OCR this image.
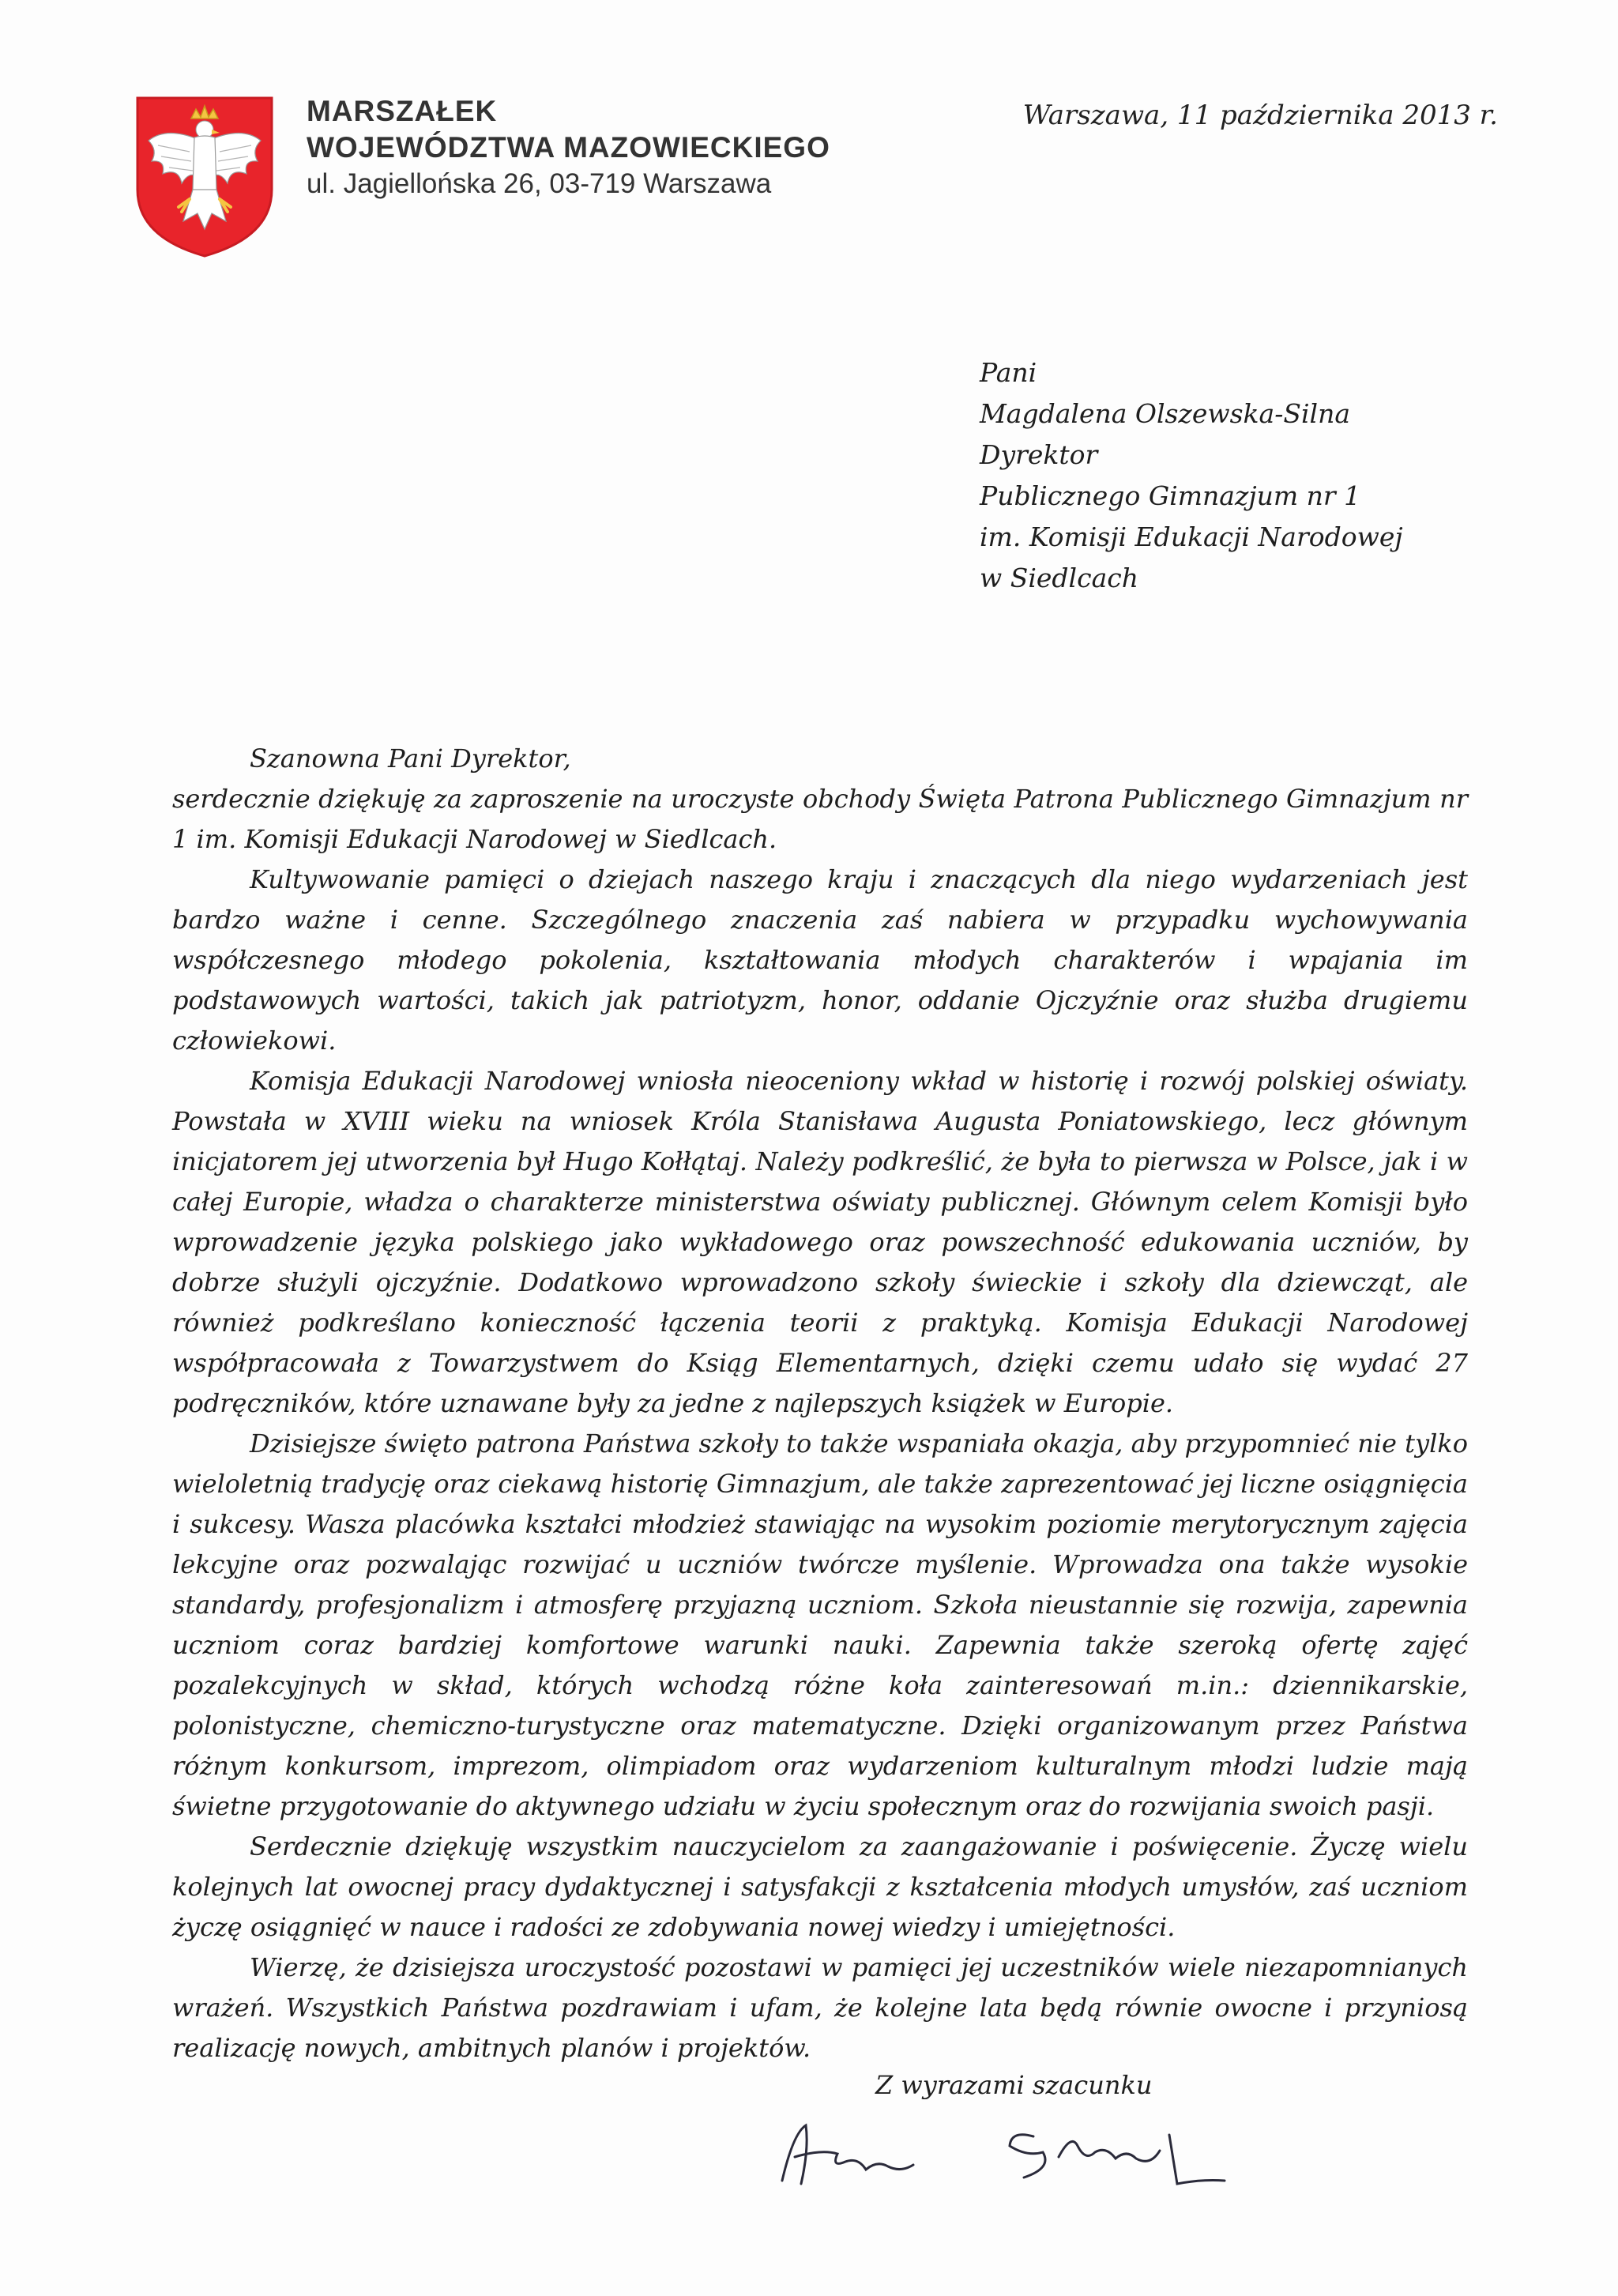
MARSZAŁEK
WOJEWÓDZTWA MAZOWIECKIEGO
ul. Jagiellońska 26, 03-719 Warszawa
Warszawa, 11 października 2013 r.
Pani
Magdalena Olszewska-Silna
Dyrektor
Publicznego Gimnazjum nr 1
im. Komisji Edukacji Narodowej
w Siedlcach

Szanowna Pani Dyrektor,

serdecznie dziękuję za zaproszenie na uroczyste obchody Święta Patrona Publicznego Gimnazjum nr 1 im. Komisji Edukacji Narodowej w Siedlcach.

Kultywowanie pamięci o dziejach naszego kraju i znaczących dla niego wydarzeniach jest bardzo ważne i cenne. Szczególnego znaczenia zaś nabiera w przypadku wychowywania współczesnego młodego pokolenia, kształtowania młodych charakterów i wpajania im podstawowych wartości, takich jak patriotyzm, honor, oddanie Ojczyźnie oraz służba drugiemu człowiekowi.

Komisja Edukacji Narodowej wniosła nieoceniony wkład w historię i rozwój polskiej oświaty. Powstała w XVIII wieku na wniosek Króla Stanisława Augusta Poniatowskiego, lecz głównym inicjatorem jej utworzenia był Hugo Kołłątaj. Należy podkreślić, że była to pierwsza w Polsce, jak i w całej Europie, władza o charakterze ministerstwa oświaty publicznej. Głównym celem Komisji było wprowadzenie języka polskiego jako wykładowego oraz powszechność edukowania uczniów, by dobrze służyli ojczyźnie. Dodatkowo wprowadzono szkoły świeckie i szkoły dla dziewcząt, ale również podkreślano konieczność łączenia teorii z praktyką. Komisja Edukacji Narodowej współpracowała z Towarzystwem do Ksiąg Elementarnych, dzięki czemu udało się wydać 27 podręczników, które uznawane były za jedne z najlepszych książek w Europie.

Dzisiejsze święto patrona Państwa szkoły to także wspaniała okazja, aby przypomnieć nie tylko wieloletnią tradycję oraz ciekawą historię Gimnazjum, ale także zaprezentować jej liczne osiągnięcia i sukcesy. Wasza placówka kształci młodzież stawiając na wysokim poziomie merytorycznym zajęcia lekcyjne oraz pozwalając rozwijać u uczniów twórcze myślenie. Wprowadza ona także wysokie standardy, profesjonalizm i atmosferę przyjazną uczniom. Szkoła nieustannie się rozwija, zapewnia uczniom coraz bardziej komfortowe warunki nauki. Zapewnia także szeroką ofertę zajęć pozalekcyjnych w skład, których wchodzą różne koła zainteresowań m.in.: dziennikarskie, polonistyczne, chemiczno-turystyczne oraz matematyczne. Dzięki organizowanym przez Państwa różnym konkursom, imprezom, olimpiadom oraz wydarzeniom kulturalnym młodzi ludzie mają świetne przygotowanie do aktywnego udziału w życiu społecznym oraz do rozwijania swoich pasji.

Serdecznie dziękuję wszystkim nauczycielom za zaangażowanie i poświęcenie. Życzę wielu kolejnych lat owocnej pracy dydaktycznej i satysfakcji z kształcenia młodych umysłów, zaś uczniom życzę osiągnięć w nauce i radości ze zdobywania nowej wiedzy i umiejętności.

Wierzę, że dzisiejsza uroczystość pozostawi w pamięci jej uczestników wiele niezapomnianych wrażeń. Wszystkich Państwa pozdrawiam i ufam, że kolejne lata będą równie owocne i przyniosą realizację nowych, ambitnych planów i projektów.

Z wyrazami szacunku
